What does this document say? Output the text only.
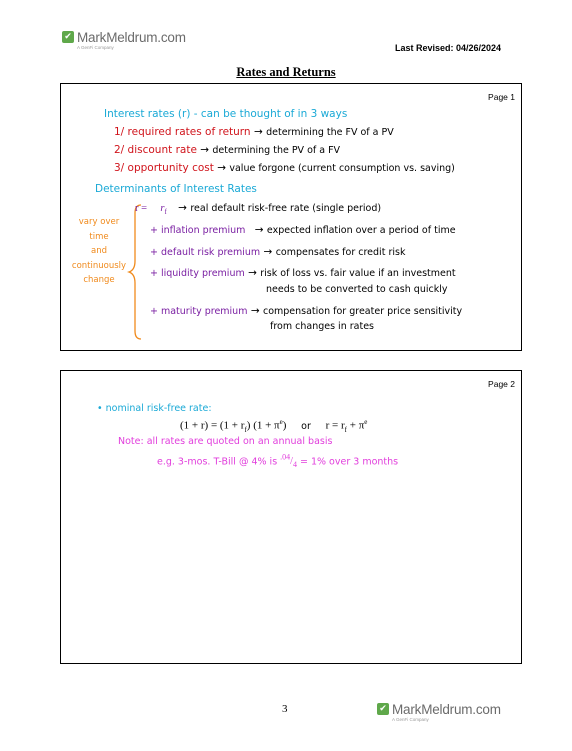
✔ MarkMeldrum.com
A GenFi Company	Last Revised: 04/26/2024
Rates and Returns
Page 1
Interest rates (r) - can be thought of in 3 ways
1/ required rates of return → determining the FV of a PV
2/ discount rate → determining the PV of a FV
3/ opportunity cost → value forgone (current consumption vs. saving)
Determinants of Interest Rates
vary over
time
and
continuously
change
$r = r_f$ → real default risk-free rate (single period)
+ inflation premium → expected inflation over a period of time
+ default risk premium → compensates for credit risk
+ liquidity premium → risk of loss vs. fair value if an investment
needs to be converted to cash quickly
+ maturity premium → compensation for greater price sensitivity
from changes in rates
Page 2
• nominal risk-free rate:
$(1 + r) = (1 + r_f)$ $(1 + \pi^e)$ or $r = r_f + \pi^e$
Note: all rates are quoted on an annual basis
e.g. 3-mos. T-Bill @ 4% is $^{.04}/_4 = 1\%$ over 3 months
3	✔ MarkMeldrum.com
A GenFi Company
